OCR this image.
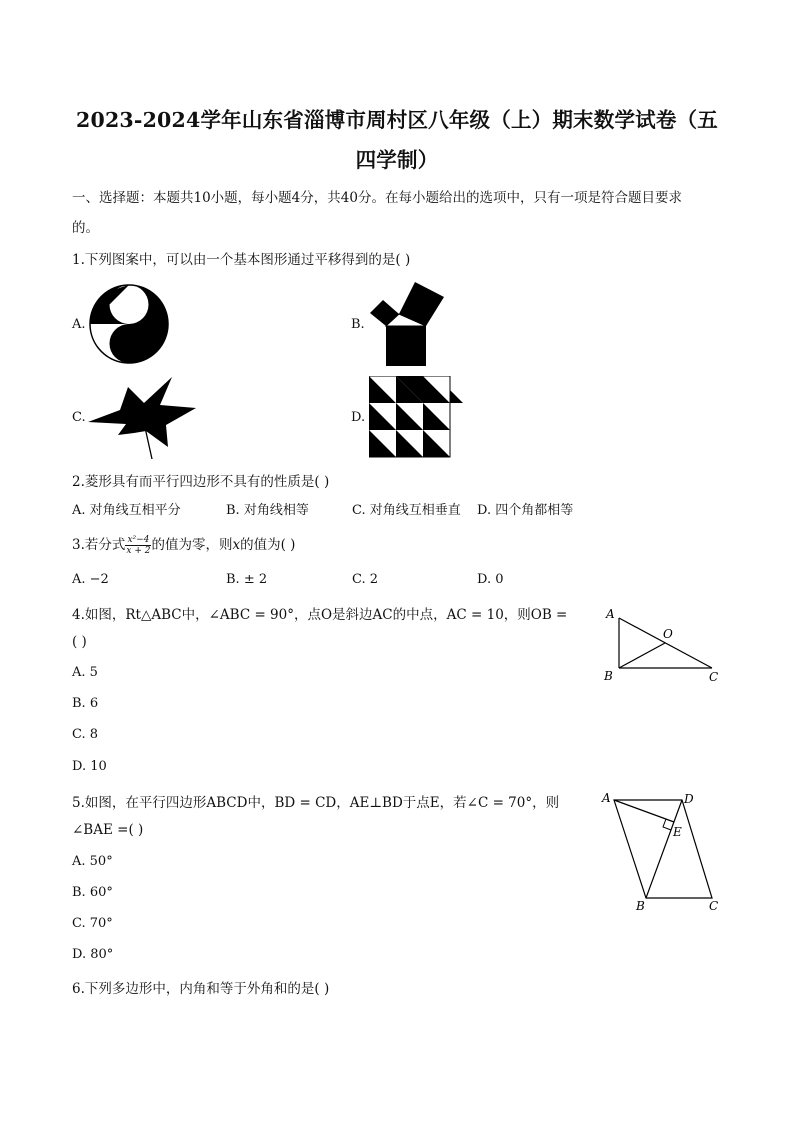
2023-2024学年山东省淄博市周村区八年级（上）期末数学试卷（五
四学制）
一、选择题：本题共10小题，每小题4分，共40分。在每小题给出的选项中，只有一项是符合题目要求
的。
1.下列图案中，可以由一个基本图形通过平移得到的是( )
A.	B.
C.	D.
2.菱形具有而平行四边形不具有的性质是( )
A. 对角线互相平分	B. 对角线相等	C. 对角线互相垂直 D. 四个角都相等
3.若分式 $\frac{\text{x²−4}}{x + 2}$ 的值为零，则x的值为( )
A. −2	B. ± 2	C. 2	D. 0
4.如图，Rt△ABC中，∠ABC = 90°，点O是斜边AC的中点，AC = 10，则OB =
( )
A. 5
B. 6
C. 8
D. 10
A
B	C
O
5.如图，在平行四边形ABCD中，BD = CD，AE⊥BD于点E，若∠C = 70°，则
∠BAE =( )
A. 50°
B. 60°
C. 70°
D. 80°
A	D
E
B	C
6.下列多边形中，内角和等于外角和的是( )
